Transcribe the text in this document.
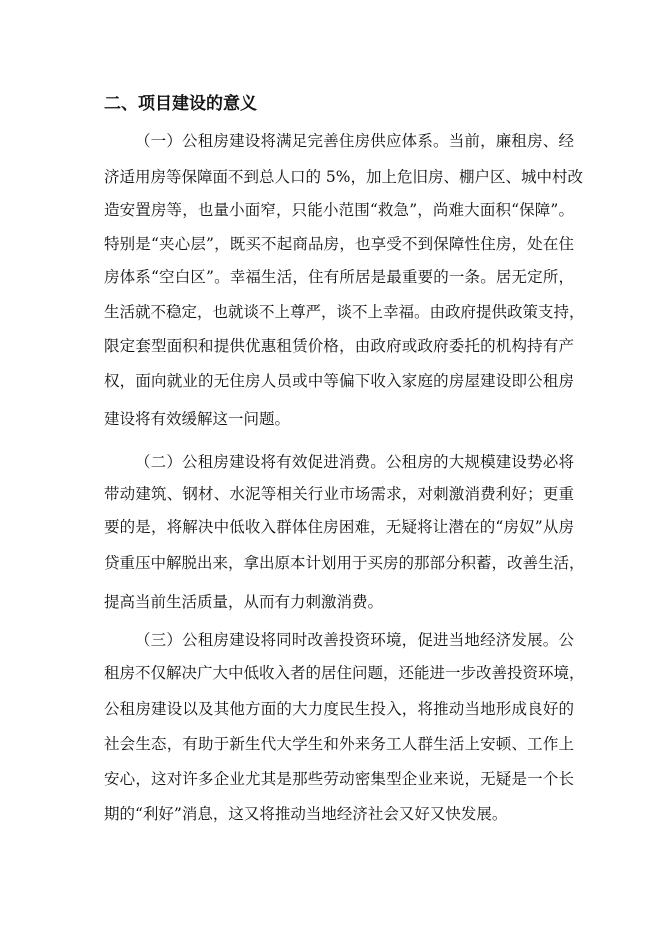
二、项目建设的意义
（一）公租房建设将满足完善住房供应体系。当前，廉租房、经
济适用房等保障面不到总人口的 5%，加上危旧房、棚户区、城中村改
造安置房等，也量小面窄，只能小范围“救急”，尚难大面积“保障”。
特别是“夹心层”，既买不起商品房，也享受不到保障性住房，处在住
房体系“空白区”。幸福生活，住有所居是最重要的一条。居无定所，
生活就不稳定，也就谈不上尊严，谈不上幸福。由政府提供政策支持，
限定套型面积和提供优惠租赁价格，由政府或政府委托的机构持有产
权，面向就业的无住房人员或中等偏下收入家庭的房屋建设即公租房
建设将有效缓解这一问题。
（二）公租房建设将有效促进消费。公租房的大规模建设势必将
带动建筑、钢材、水泥等相关行业市场需求，对刺激消费利好；更重
要的是，将解决中低收入群体住房困难，无疑将让潜在的“房奴”从房
贷重压中解脱出来，拿出原本计划用于买房的那部分积蓄，改善生活，
提高当前生活质量，从而有力刺激消费。
（三）公租房建设将同时改善投资环境，促进当地经济发展。公
租房不仅解决广大中低收入者的居住问题，还能进一步改善投资环境，
公租房建设以及其他方面的大力度民生投入，将推动当地形成良好的
社会生态，有助于新生代大学生和外来务工人群生活上安顿、工作上
安心，这对许多企业尤其是那些劳动密集型企业来说，无疑是一个长
期的“利好”消息，这又将推动当地经济社会又好又快发展。
